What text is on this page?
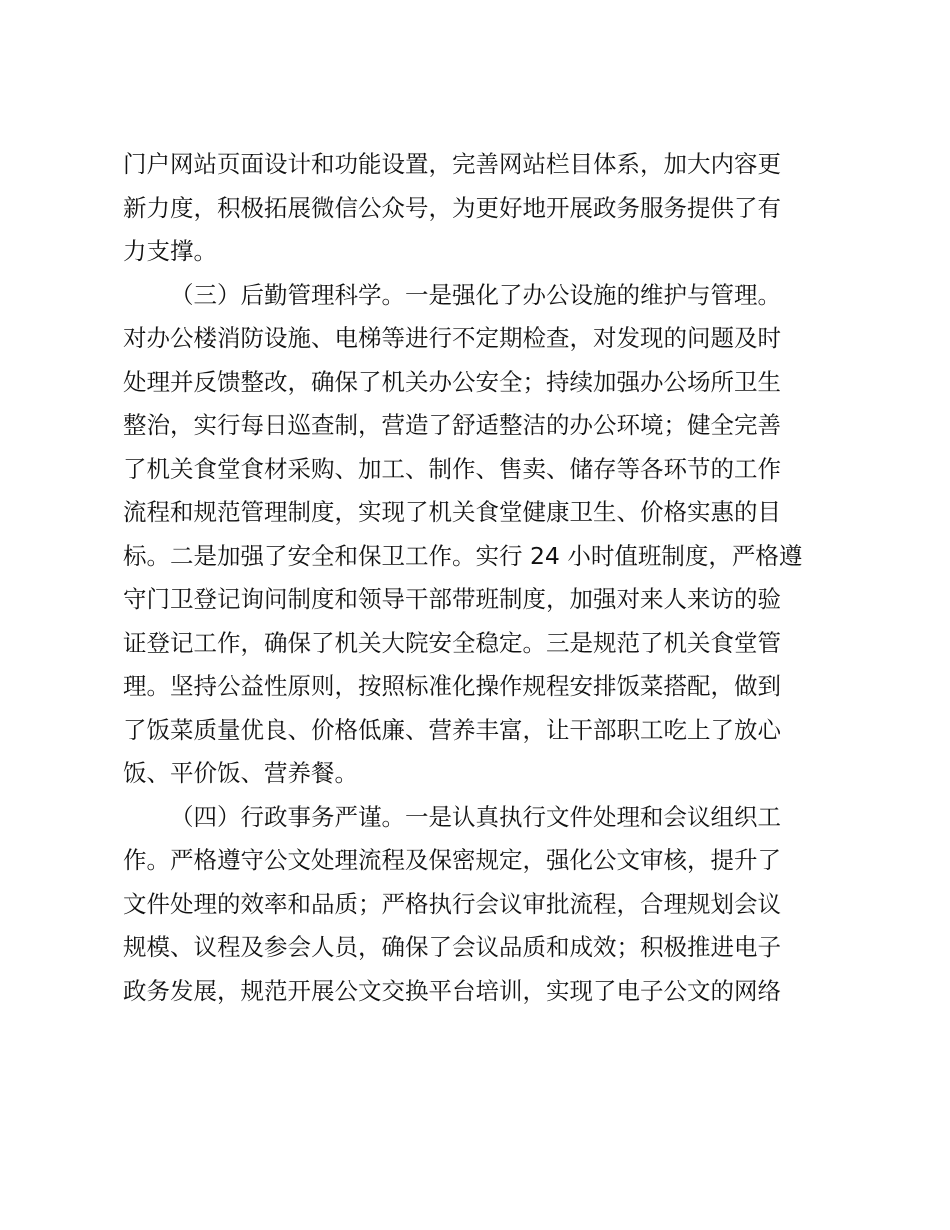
门户网站页面设计和功能设置，完善网站栏目体系，加大内容更
新力度，积极拓展微信公众号，为更好地开展政务服务提供了有
力支撑。
（三）后勤管理科学。一是强化了办公设施的维护与管理。
对办公楼消防设施、电梯等进行不定期检查，对发现的问题及时
处理并反馈整改，确保了机关办公安全；持续加强办公场所卫生
整治，实行每日巡查制，营造了舒适整洁的办公环境；健全完善
了机关食堂食材采购、加工、制作、售卖、储存等各环节的工作
流程和规范管理制度，实现了机关食堂健康卫生、价格实惠的目
标。二是加强了安全和保卫工作。实行 24 小时值班制度，严格遵
守门卫登记询问制度和领导干部带班制度，加强对来人来访的验
证登记工作，确保了机关大院安全稳定。三是规范了机关食堂管
理。坚持公益性原则，按照标准化操作规程安排饭菜搭配，做到
了饭菜质量优良、价格低廉、营养丰富，让干部职工吃上了放心
饭、平价饭、营养餐。
（四）行政事务严谨。一是认真执行文件处理和会议组织工
作。严格遵守公文处理流程及保密规定，强化公文审核，提升了
文件处理的效率和品质；严格执行会议审批流程，合理规划会议
规模、议程及参会人员，确保了会议品质和成效；积极推进电子
政务发展，规范开展公文交换平台培训，实现了电子公文的网络
